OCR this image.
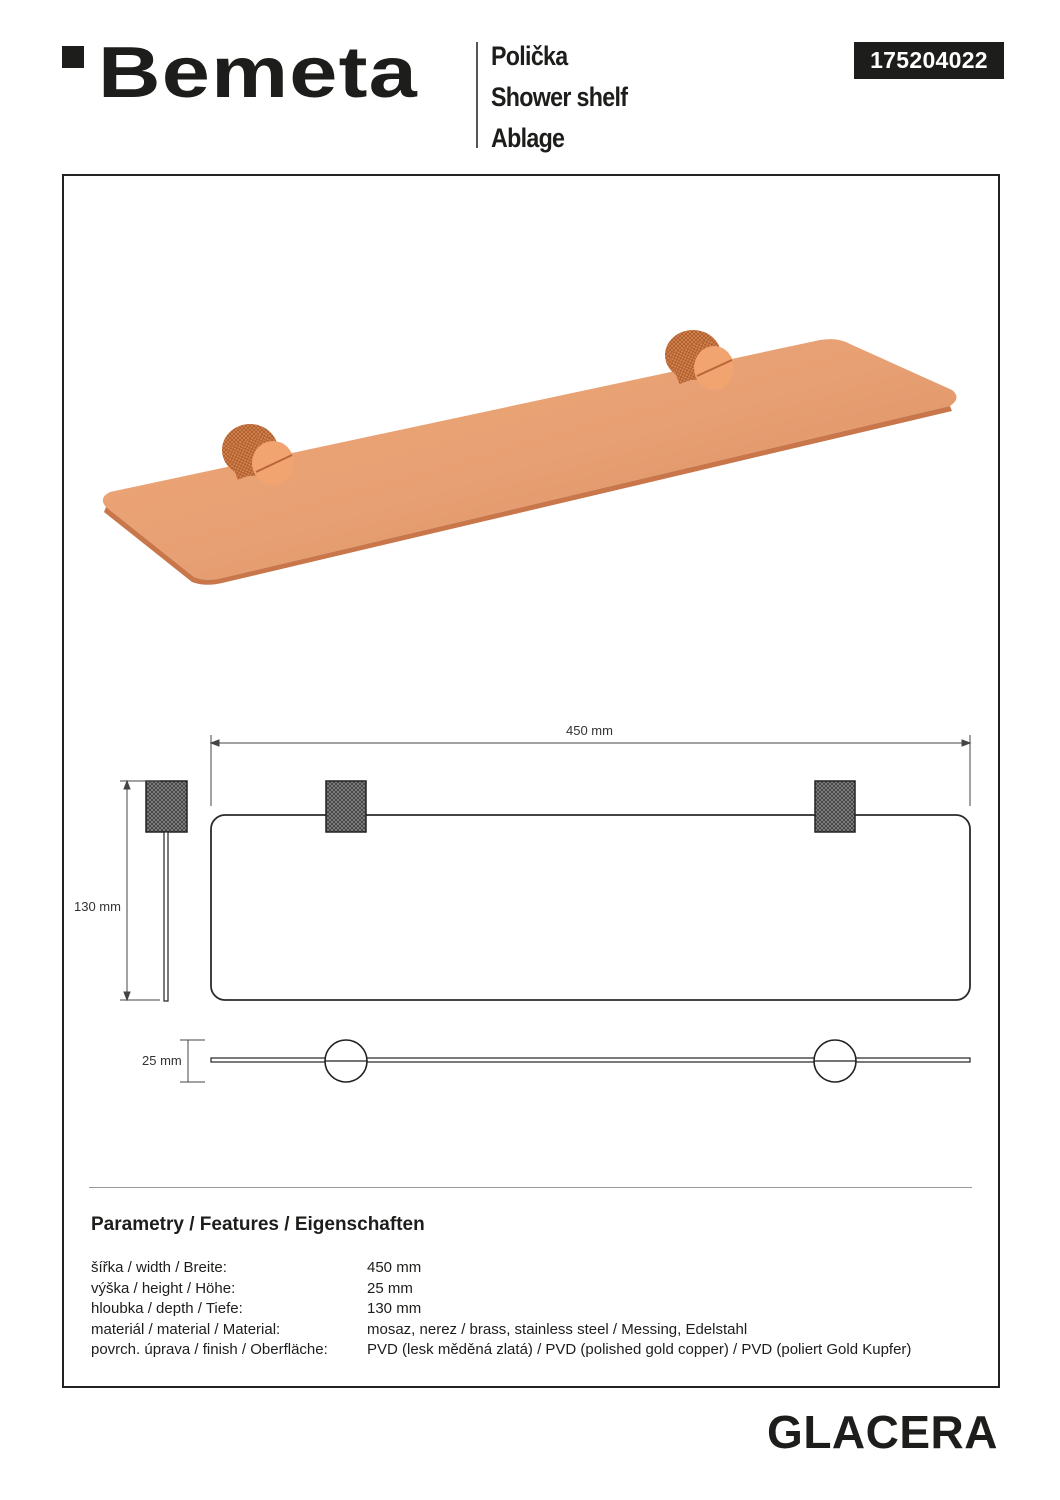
Bemeta	Polička
Shower shelf
Ablage
175204022
450 mm
130 mm
25 mm
Parametry / Features / Eigenschaften
šířka / width / Breite:	450 mm
výška / height / Höhe:	25 mm
hloubka / depth / Tiefe:	130 mm
materiál / material / Material:	mosaz, nerez / brass, stainless steel / Messing, Edelstahl
povrch. úprava / finish / Oberfläche:	PVD (lesk měděná zlatá) / PVD (polished gold copper) / PVD (poliert Gold Kupfer)
GLACERA
